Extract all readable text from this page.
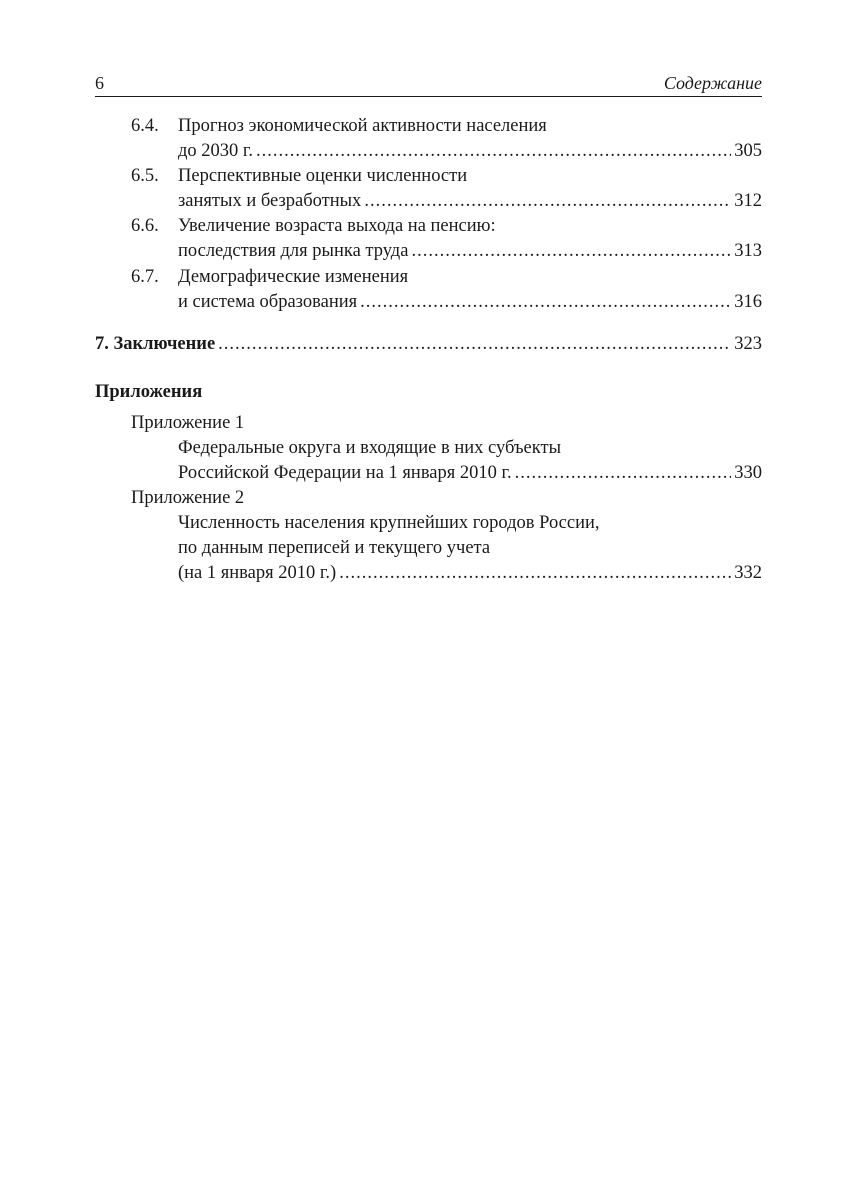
6	Содержание
6.4. Прогноз экономической активности населения
до 2030 г. .....	305
6.5. Перспективные оценки численности
занятых и безработных .....	312
6.6. Увеличение возраста выхода на пенсию:
последствия для рынка труда .....	313
6.7. Демографические изменения
и система образования .....	316
7. Заключение .....	323
Приложения
Приложение 1
Федеральные округа и входящие в них субъекты
Российской Федерации на 1 января 2010 г. .....	330
Приложение 2
Численность населения крупнейших городов России,
по данным переписей и текущего учета
(на 1 января 2010 г.) .....	332
